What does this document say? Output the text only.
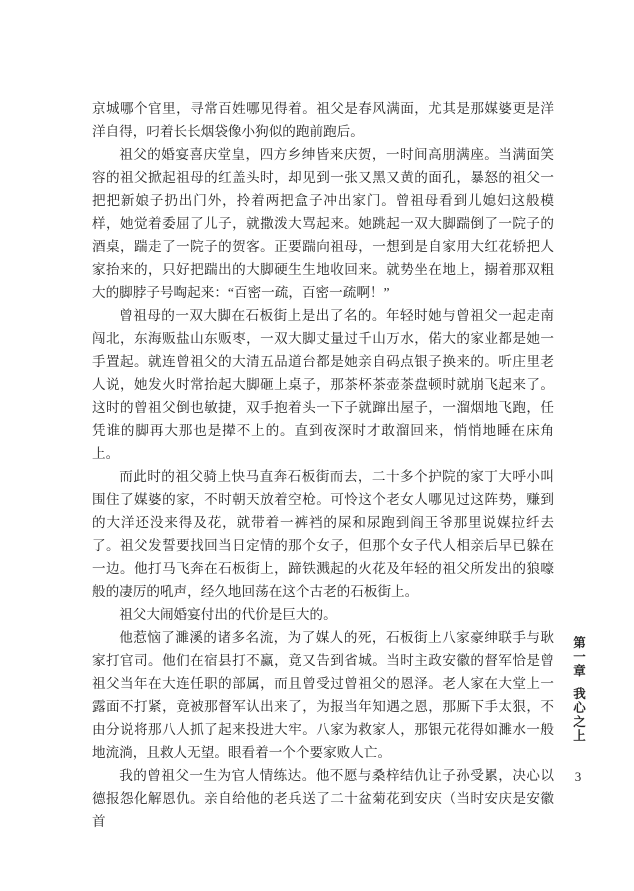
京城哪个官里，寻常百姓哪见得着。祖父是春风满面，尤其是那媒婆更是洋洋自得，叼着长长烟袋像小狗似的跑前跑后。

祖父的婚宴喜庆堂皇，四方乡绅皆来庆贺，一时间高朋满座。当满面笑容的祖父掀起祖母的红盖头时，却见到一张又黑又黄的面孔，暴怒的祖父一把把新娘子扔出门外，拎着两把盒子冲出家门。曾祖母看到儿媳妇这般模样，她觉着委屈了儿子，就撒泼大骂起来。她跳起一双大脚踹倒了一院子的酒桌，踹走了一院子的贺客。正要踹向祖母，一想到是自家用大红花轿把人家抬来的，只好把踹出的大脚硬生生地收回来。就势坐在地上，搦着那双粗大的脚脖子号啕起来：“百密一疏，百密一疏啊！”

曾祖母的一双大脚在石板街上是出了名的。年轻时她与曾祖父一起走南闯北，东海贩盐山东贩枣，一双大脚丈量过千山万水，偌大的家业都是她一手置起。就连曾祖父的大清五品道台都是她亲自码点银子换来的。听庄里老人说，她发火时常抬起大脚砸上桌子，那茶杯茶壶茶盘顿时就崩飞起来了。这时的曾祖父倒也敏捷，双手抱着头一下子就蹿出屋子，一溜烟地飞跑，任凭谁的脚再大那也是撵不上的。直到夜深时才敢溜回来，悄悄地睡在床角上。

而此时的祖父骑上快马直奔石板街而去，二十多个护院的家丁大呼小叫围住了媒婆的家，不时朝天放着空枪。可怜这个老女人哪见过这阵势，赚到的大洋还没来得及花，就带着一裤裆的屎和尿跑到阎王爷那里说媒拉纤去了。祖父发誓要找回当日定情的那个女子，但那个女子代人相亲后早已躲在一边。他打马飞奔在石板街上，蹄铁溅起的火花及年轻的祖父所发出的狼嚎般的凄厉的吼声，经久地回荡在这个古老的石板街上。

祖父大闹婚宴付出的代价是巨大的。

他惹恼了濉溪的诸多名流，为了媒人的死，石板街上八家豪绅联手与耿家打官司。他们在宿县打不赢，竟又告到省城。当时主政安徽的督军恰是曾祖父当年在大连任职的部属，而且曾受过曾祖父的恩泽。老人家在大堂上一露面不打紧，竟被那督军认出来了，为报当年知遇之恩，那厮下手太狠，不由分说将那八人抓了起来投进大牢。八家为救家人，那银元花得如濉水一般地流淌，且救人无望。眼看着一个个要家败人亡。

我的曾祖父一生为官人情练达。他不愿与桑梓结仇让子孙受累，决心以德报怨化解恩仇。亲自给他的老兵送了二十盆菊花到安庆（当时安庆是安徽首

第一章
我心之上
3
